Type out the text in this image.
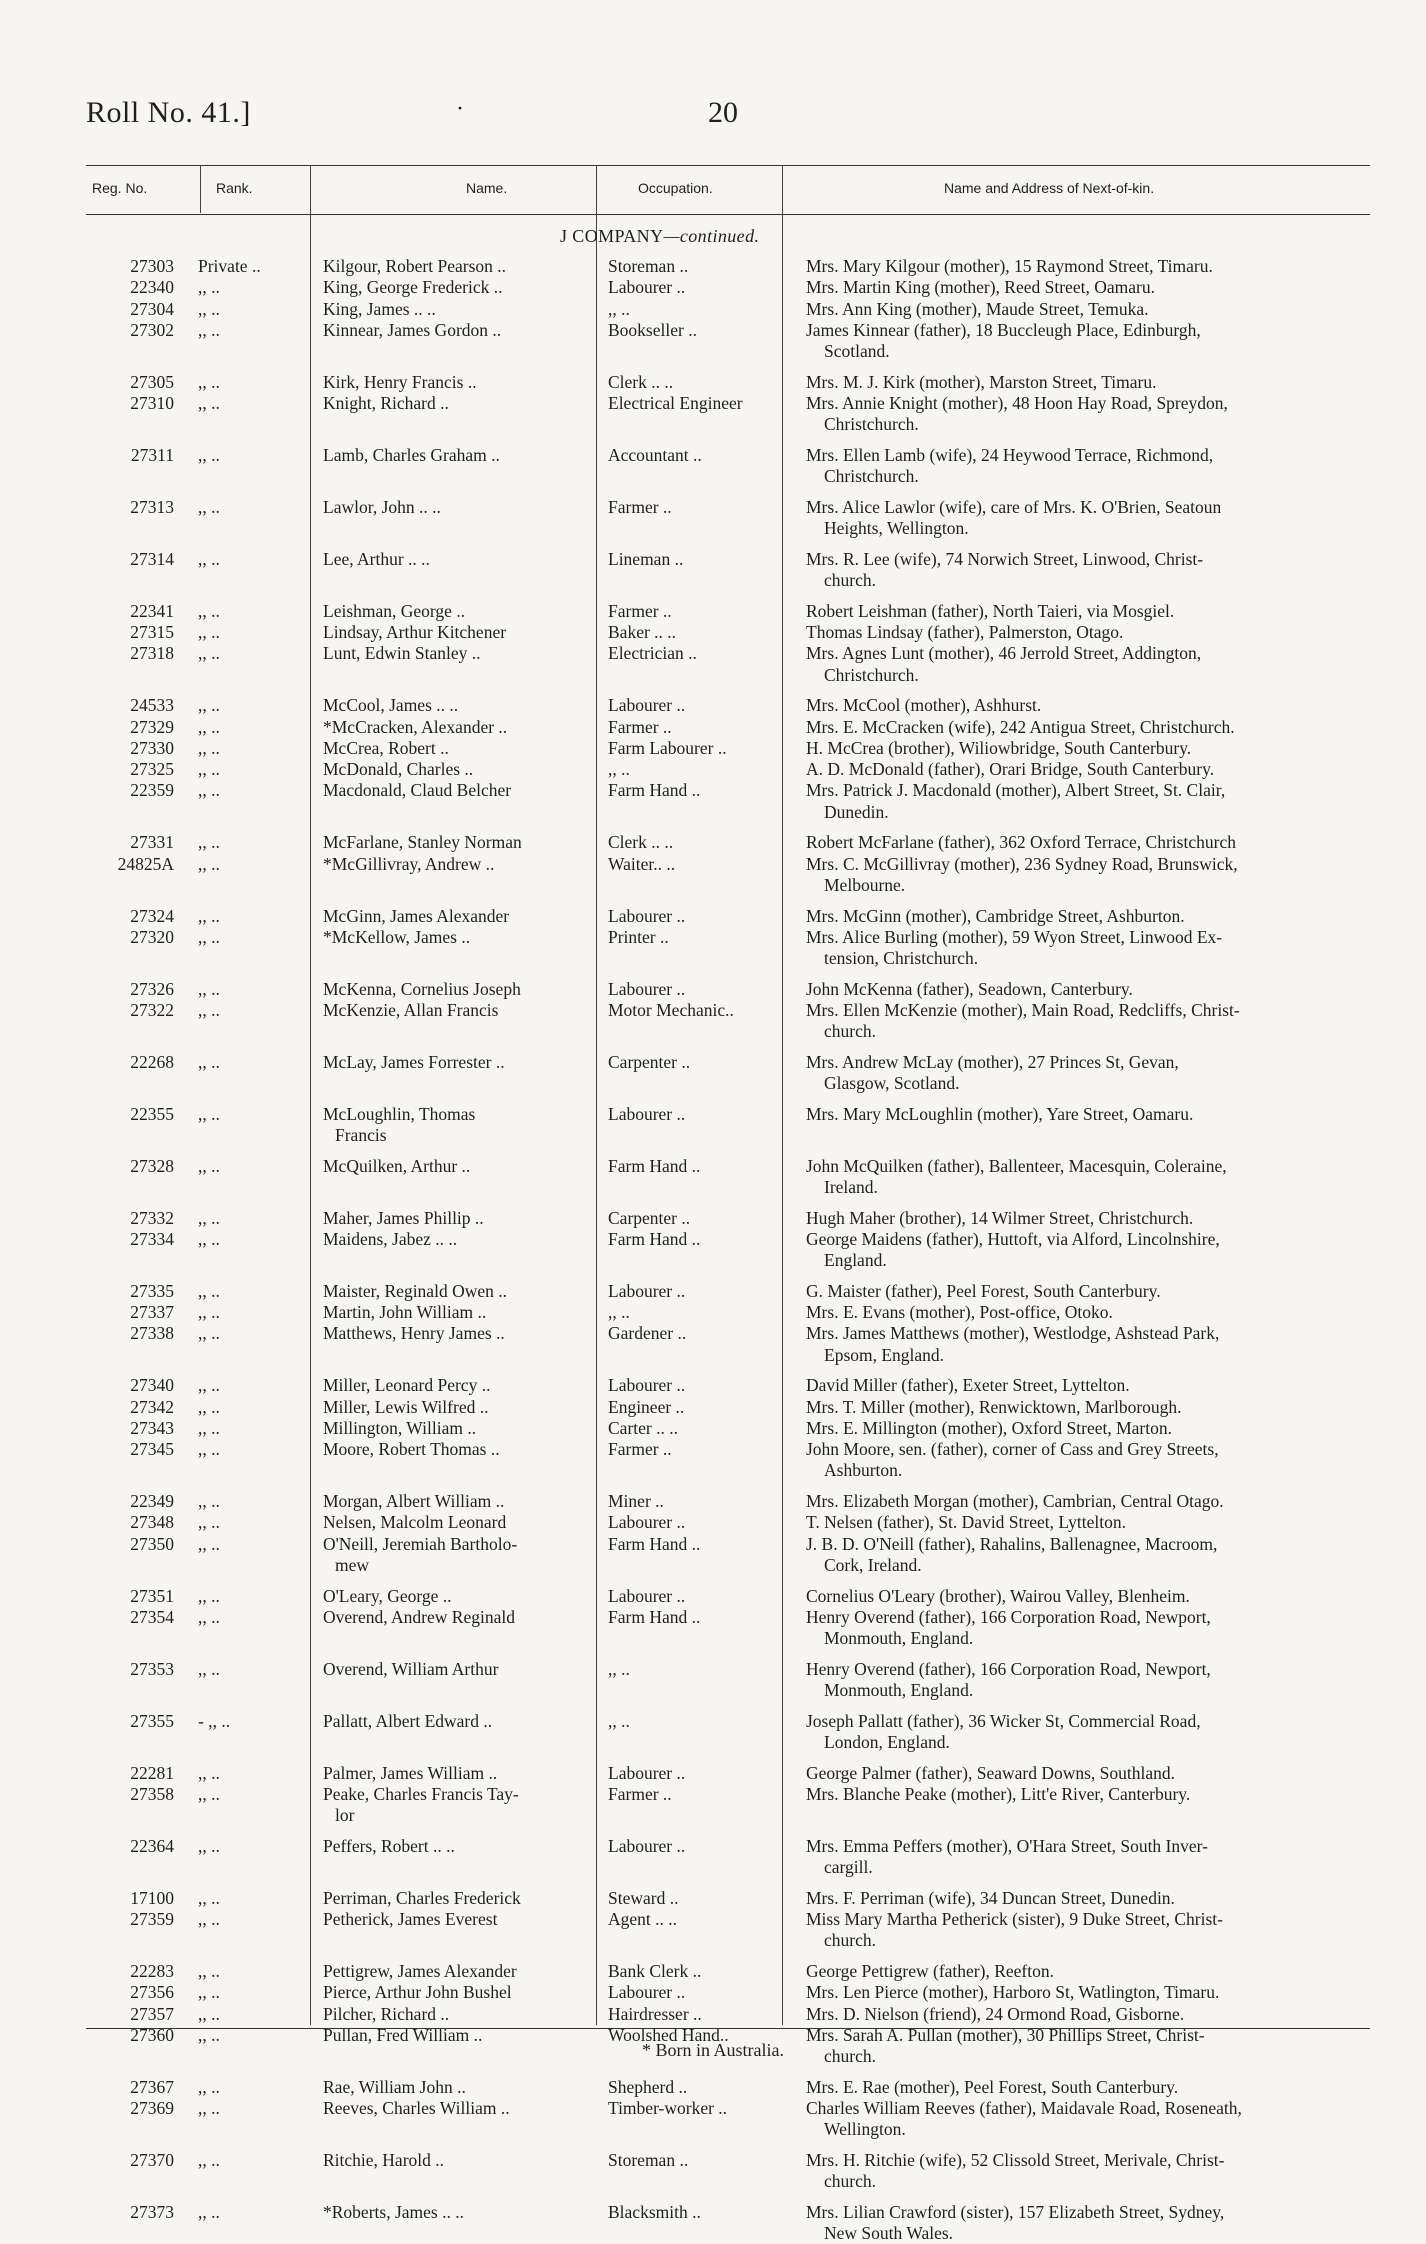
Roll No. 41.]	·	20
Reg. No.	Rank.	Name.	Occupation.	Name and Address of Next-of-kin.
J COMPANY—continued.
27303 Private ..	Kilgour, Robert Pearson ..	Storeman ..	Mrs. Mary Kilgour (mother), 15 Raymond Street, Timaru.
22340 ,, ..	King, George Frederick ..	Labourer ..	Mrs. Martin King (mother), Reed Street, Oamaru.
27304 ,, ..	King, James .. ..	,, ..	Mrs. Ann King (mother), Maude Street, Temuka.
27302 ,, ..	Kinnear, James Gordon ..	Bookseller ..	James Kinnear (father), 18 Buccleugh Place, Edinburgh,
Scotland.
27305 ,, ..	Kirk, Henry Francis ..	Clerk .. ..	Mrs. M. J. Kirk (mother), Marston Street, Timaru.
27310 ,, ..	Knight, Richard ..	Electrical Engineer	Mrs. Annie Knight (mother), 48 Hoon Hay Road, Spreydon,
Christchurch.
27311 ,, ..	Lamb, Charles Graham ..	Accountant ..	Mrs. Ellen Lamb (wife), 24 Heywood Terrace, Richmond,
Christchurch.
27313 ,, ..	Lawlor, John .. ..	Farmer ..	Mrs. Alice Lawlor (wife), care of Mrs. K. O'Brien, Seatoun
Heights, Wellington.
27314 ,, ..	Lee, Arthur .. ..	Lineman ..	Mrs. R. Lee (wife), 74 Norwich Street, Linwood, Christ-
church.
22341 ,, ..	Leishman, George ..	Farmer ..	Robert Leishman (father), North Taieri, via Mosgiel.
27315 ,, ..	Lindsay, Arthur Kitchener	Baker .. ..	Thomas Lindsay (father), Palmerston, Otago.
27318 ,, ..	Lunt, Edwin Stanley ..	Electrician ..	Mrs. Agnes Lunt (mother), 46 Jerrold Street, Addington,
Christchurch.
24533 ,, ..	McCool, James .. ..	Labourer ..	Mrs. McCool (mother), Ashhurst.
27329 ,, ..	*McCracken, Alexander ..	Farmer ..	Mrs. E. McCracken (wife), 242 Antigua Street, Christchurch.
27330 ,, ..	McCrea, Robert ..	Farm Labourer ..	H. McCrea (brother), Wiliowbridge, South Canterbury.
27325 ,, ..	McDonald, Charles ..	,, ..	A. D. McDonald (father), Orari Bridge, South Canterbury.
22359 ,, ..	Macdonald, Claud Belcher	Farm Hand ..	Mrs. Patrick J. Macdonald (mother), Albert Street, St. Clair,
Dunedin.
27331 ,, ..	McFarlane, Stanley Norman	Clerk .. ..	Robert McFarlane (father), 362 Oxford Terrace, Christchurch
24825A ,, ..	*McGillivray, Andrew ..	Waiter.. ..	Mrs. C. McGillivray (mother), 236 Sydney Road, Brunswick,
Melbourne.
27324 ,, ..	McGinn, James Alexander	Labourer ..	Mrs. McGinn (mother), Cambridge Street, Ashburton.
27320 ,, ..	*McKellow, James ..	Printer ..	Mrs. Alice Burling (mother), 59 Wyon Street, Linwood Ex-
tension, Christchurch.
27326 ,, ..	McKenna, Cornelius Joseph	Labourer ..	John McKenna (father), Seadown, Canterbury.
27322 ,, ..	McKenzie, Allan Francis	Motor Mechanic..	Mrs. Ellen McKenzie (mother), Main Road, Redcliffs, Christ-
church.
22268 ,, ..	McLay, James Forrester ..	Carpenter ..	Mrs. Andrew McLay (mother), 27 Princes St, Gevan,
Glasgow, Scotland.
22355 ,, ..	McLoughlin, Thomas
Francis
Labourer ..	Mrs. Mary McLoughlin (mother), Yare Street, Oamaru.
27328 ,, ..	McQuilken, Arthur ..	Farm Hand ..	John McQuilken (father), Ballenteer, Macesquin, Coleraine,
Ireland.
27332 ,, ..	Maher, James Phillip ..	Carpenter ..	Hugh Maher (brother), 14 Wilmer Street, Christchurch.
27334 ,, ..	Maidens, Jabez .. ..	Farm Hand ..	George Maidens (father), Huttoft, via Alford, Lincolnshire,
England.
27335 ,, ..	Maister, Reginald Owen ..	Labourer ..	G. Maister (father), Peel Forest, South Canterbury.
27337 ,, ..	Martin, John William ..	,, ..	Mrs. E. Evans (mother), Post-office, Otoko.
27338 ,, ..	Matthews, Henry James ..	Gardener ..	Mrs. James Matthews (mother), Westlodge, Ashstead Park,
Epsom, England.
27340 ,, ..	Miller, Leonard Percy ..	Labourer ..	David Miller (father), Exeter Street, Lyttelton.
27342 ,, ..	Miller, Lewis Wilfred ..	Engineer ..	Mrs. T. Miller (mother), Renwicktown, Marlborough.
27343 ,, ..	Millington, William ..	Carter .. ..	Mrs. E. Millington (mother), Oxford Street, Marton.
27345 ,, ..	Moore, Robert Thomas ..	Farmer ..	John Moore, sen. (father), corner of Cass and Grey Streets,
Ashburton.
22349 ,, ..	Morgan, Albert William ..	Miner ..	Mrs. Elizabeth Morgan (mother), Cambrian, Central Otago.
27348 ,, ..	Nelsen, Malcolm Leonard	Labourer ..	T. Nelsen (father), St. David Street, Lyttelton.
27350 ,, ..	O'Neill, Jeremiah Bartholo-
mew
Farm Hand ..	J. B. D. O'Neill (father), Rahalins, Ballenagnee, Macroom,
Cork, Ireland.
27351 ,, ..	O'Leary, George ..	Labourer ..	Cornelius O'Leary (brother), Wairou Valley, Blenheim.
27354 ,, ..	Overend, Andrew Reginald	Farm Hand ..	Henry Overend (father), 166 Corporation Road, Newport,
Monmouth, England.
27353 ,, ..	Overend, William Arthur	,, ..	Henry Overend (father), 166 Corporation Road, Newport,
Monmouth, England.
27355 - ,, ..	Pallatt, Albert Edward ..	,, ..	Joseph Pallatt (father), 36 Wicker St, Commercial Road,
London, England.
22281 ,, ..	Palmer, James William ..	Labourer ..	George Palmer (father), Seaward Downs, Southland.
27358 ,, ..	Peake, Charles Francis Tay-
lor
Farmer ..	Mrs. Blanche Peake (mother), Litt'e River, Canterbury.
22364 ,, ..	Peffers, Robert .. ..	Labourer ..	Mrs. Emma Peffers (mother), O'Hara Street, South Inver-
cargill.
17100 ,, ..	Perriman, Charles Frederick	Steward ..	Mrs. F. Perriman (wife), 34 Duncan Street, Dunedin.
27359 ,, ..	Petherick, James Everest	Agent .. ..	Miss Mary Martha Petherick (sister), 9 Duke Street, Christ-
church.
22283 ,, ..	Pettigrew, James Alexander	Bank Clerk ..	George Pettigrew (father), Reefton.
27356 ,, ..	Pierce, Arthur John Bushel	Labourer ..	Mrs. Len Pierce (mother), Harboro St, Watlington, Timaru.
27357 ,, ..	Pilcher, Richard ..	Hairdresser ..	Mrs. D. Nielson (friend), 24 Ormond Road, Gisborne.
27360 ,, ..	Pullan, Fred William ..	Woolshed Hand..	Mrs. Sarah A. Pullan (mother), 30 Phillips Street, Christ-
church.
27367 ,, ..	Rae, William John ..	Shepherd ..	Mrs. E. Rae (mother), Peel Forest, South Canterbury.
27369 ,, ..	Reeves, Charles William ..	Timber-worker ..	Charles William Reeves (father), Maidavale Road, Roseneath,
Wellington.
27370 ,, ..	Ritchie, Harold ..	Storeman ..	Mrs. H. Ritchie (wife), 52 Clissold Street, Merivale, Christ-
church.
27373 ,, ..	*Roberts, James .. ..	Blacksmith ..	Mrs. Lilian Crawford (sister), 157 Elizabeth Street, Sydney,
New South Wales.
* Born in Australia.
